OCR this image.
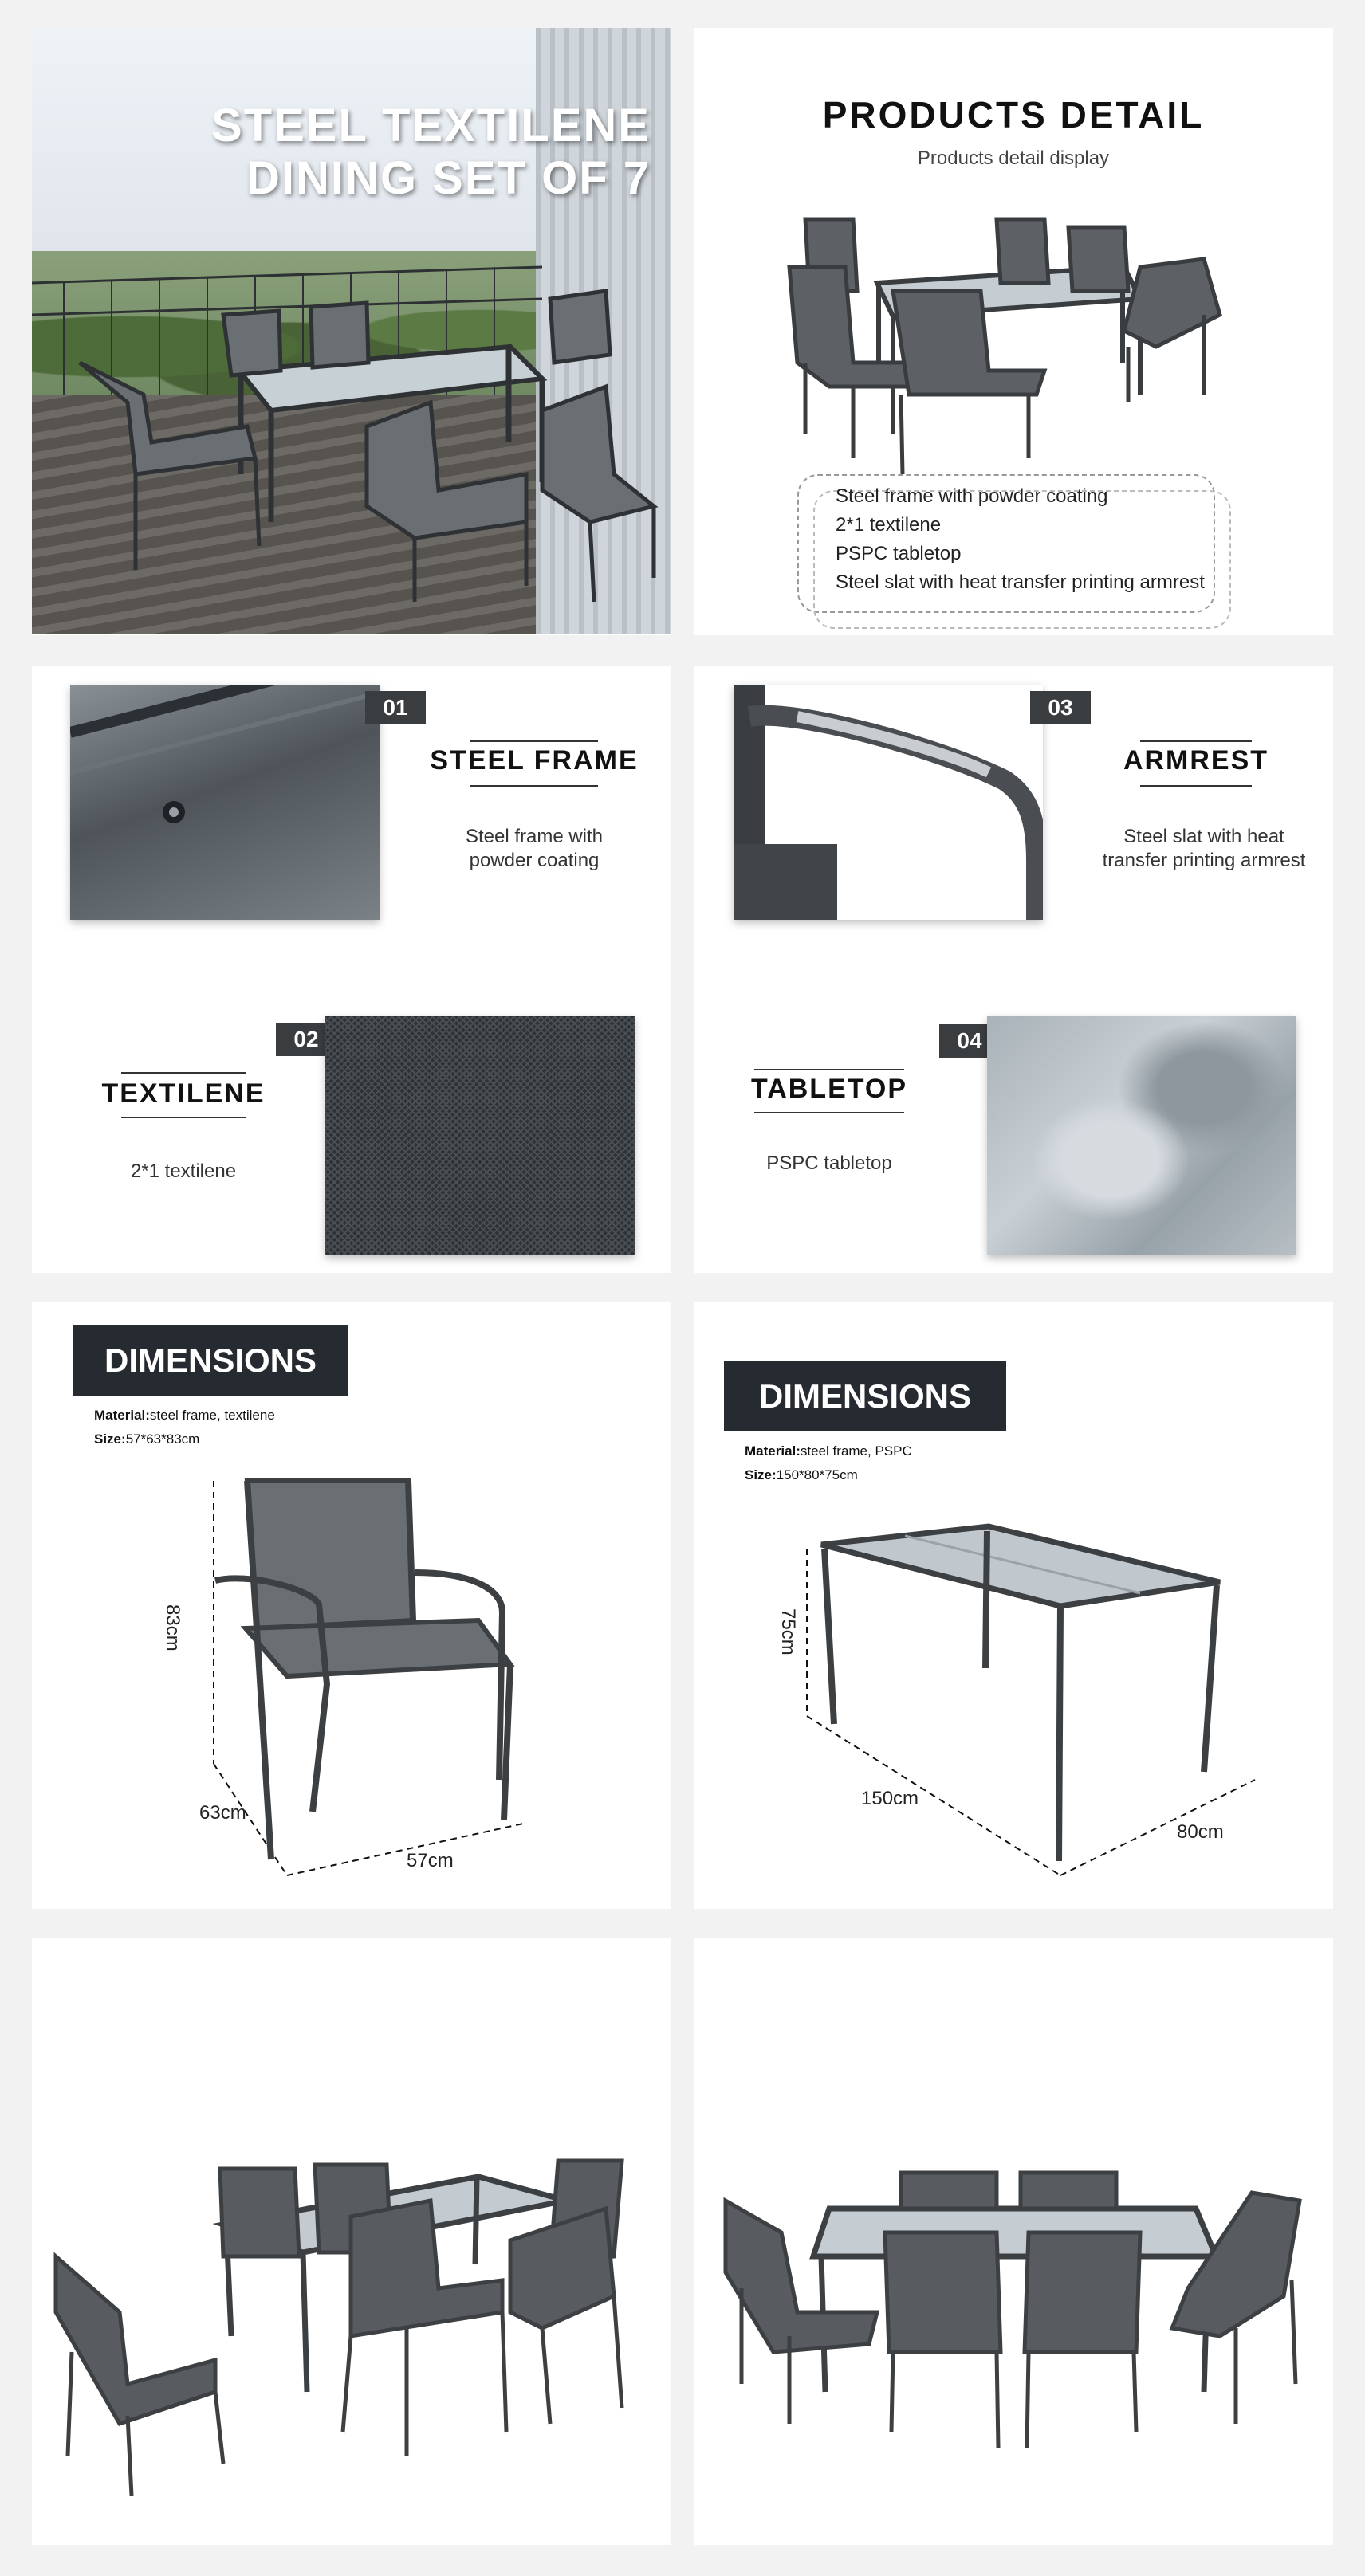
STEEL TEXTILENE
DINING SET OF 7
PRODUCTS DETAIL
Products detail display
Steel frame with powder coating
2*1 textilene
PSPC tabletop
Steel slat with heat transfer printing armrest
01
STEEL FRAME
Steel frame with
powder coating
02
TEXTILENE
2*1 textilene
03
ARMREST
Steel slat with heat
transfer printing armrest
04
TABLETOP
PSPC tabletop
DIMENSIONS
Material:steel frame, textilene
Size:57*63*83cm
83cm
63cm
57cm
DIMENSIONS
Material:steel frame, PSPC
Size:150*80*75cm
75cm
150cm
80cm
